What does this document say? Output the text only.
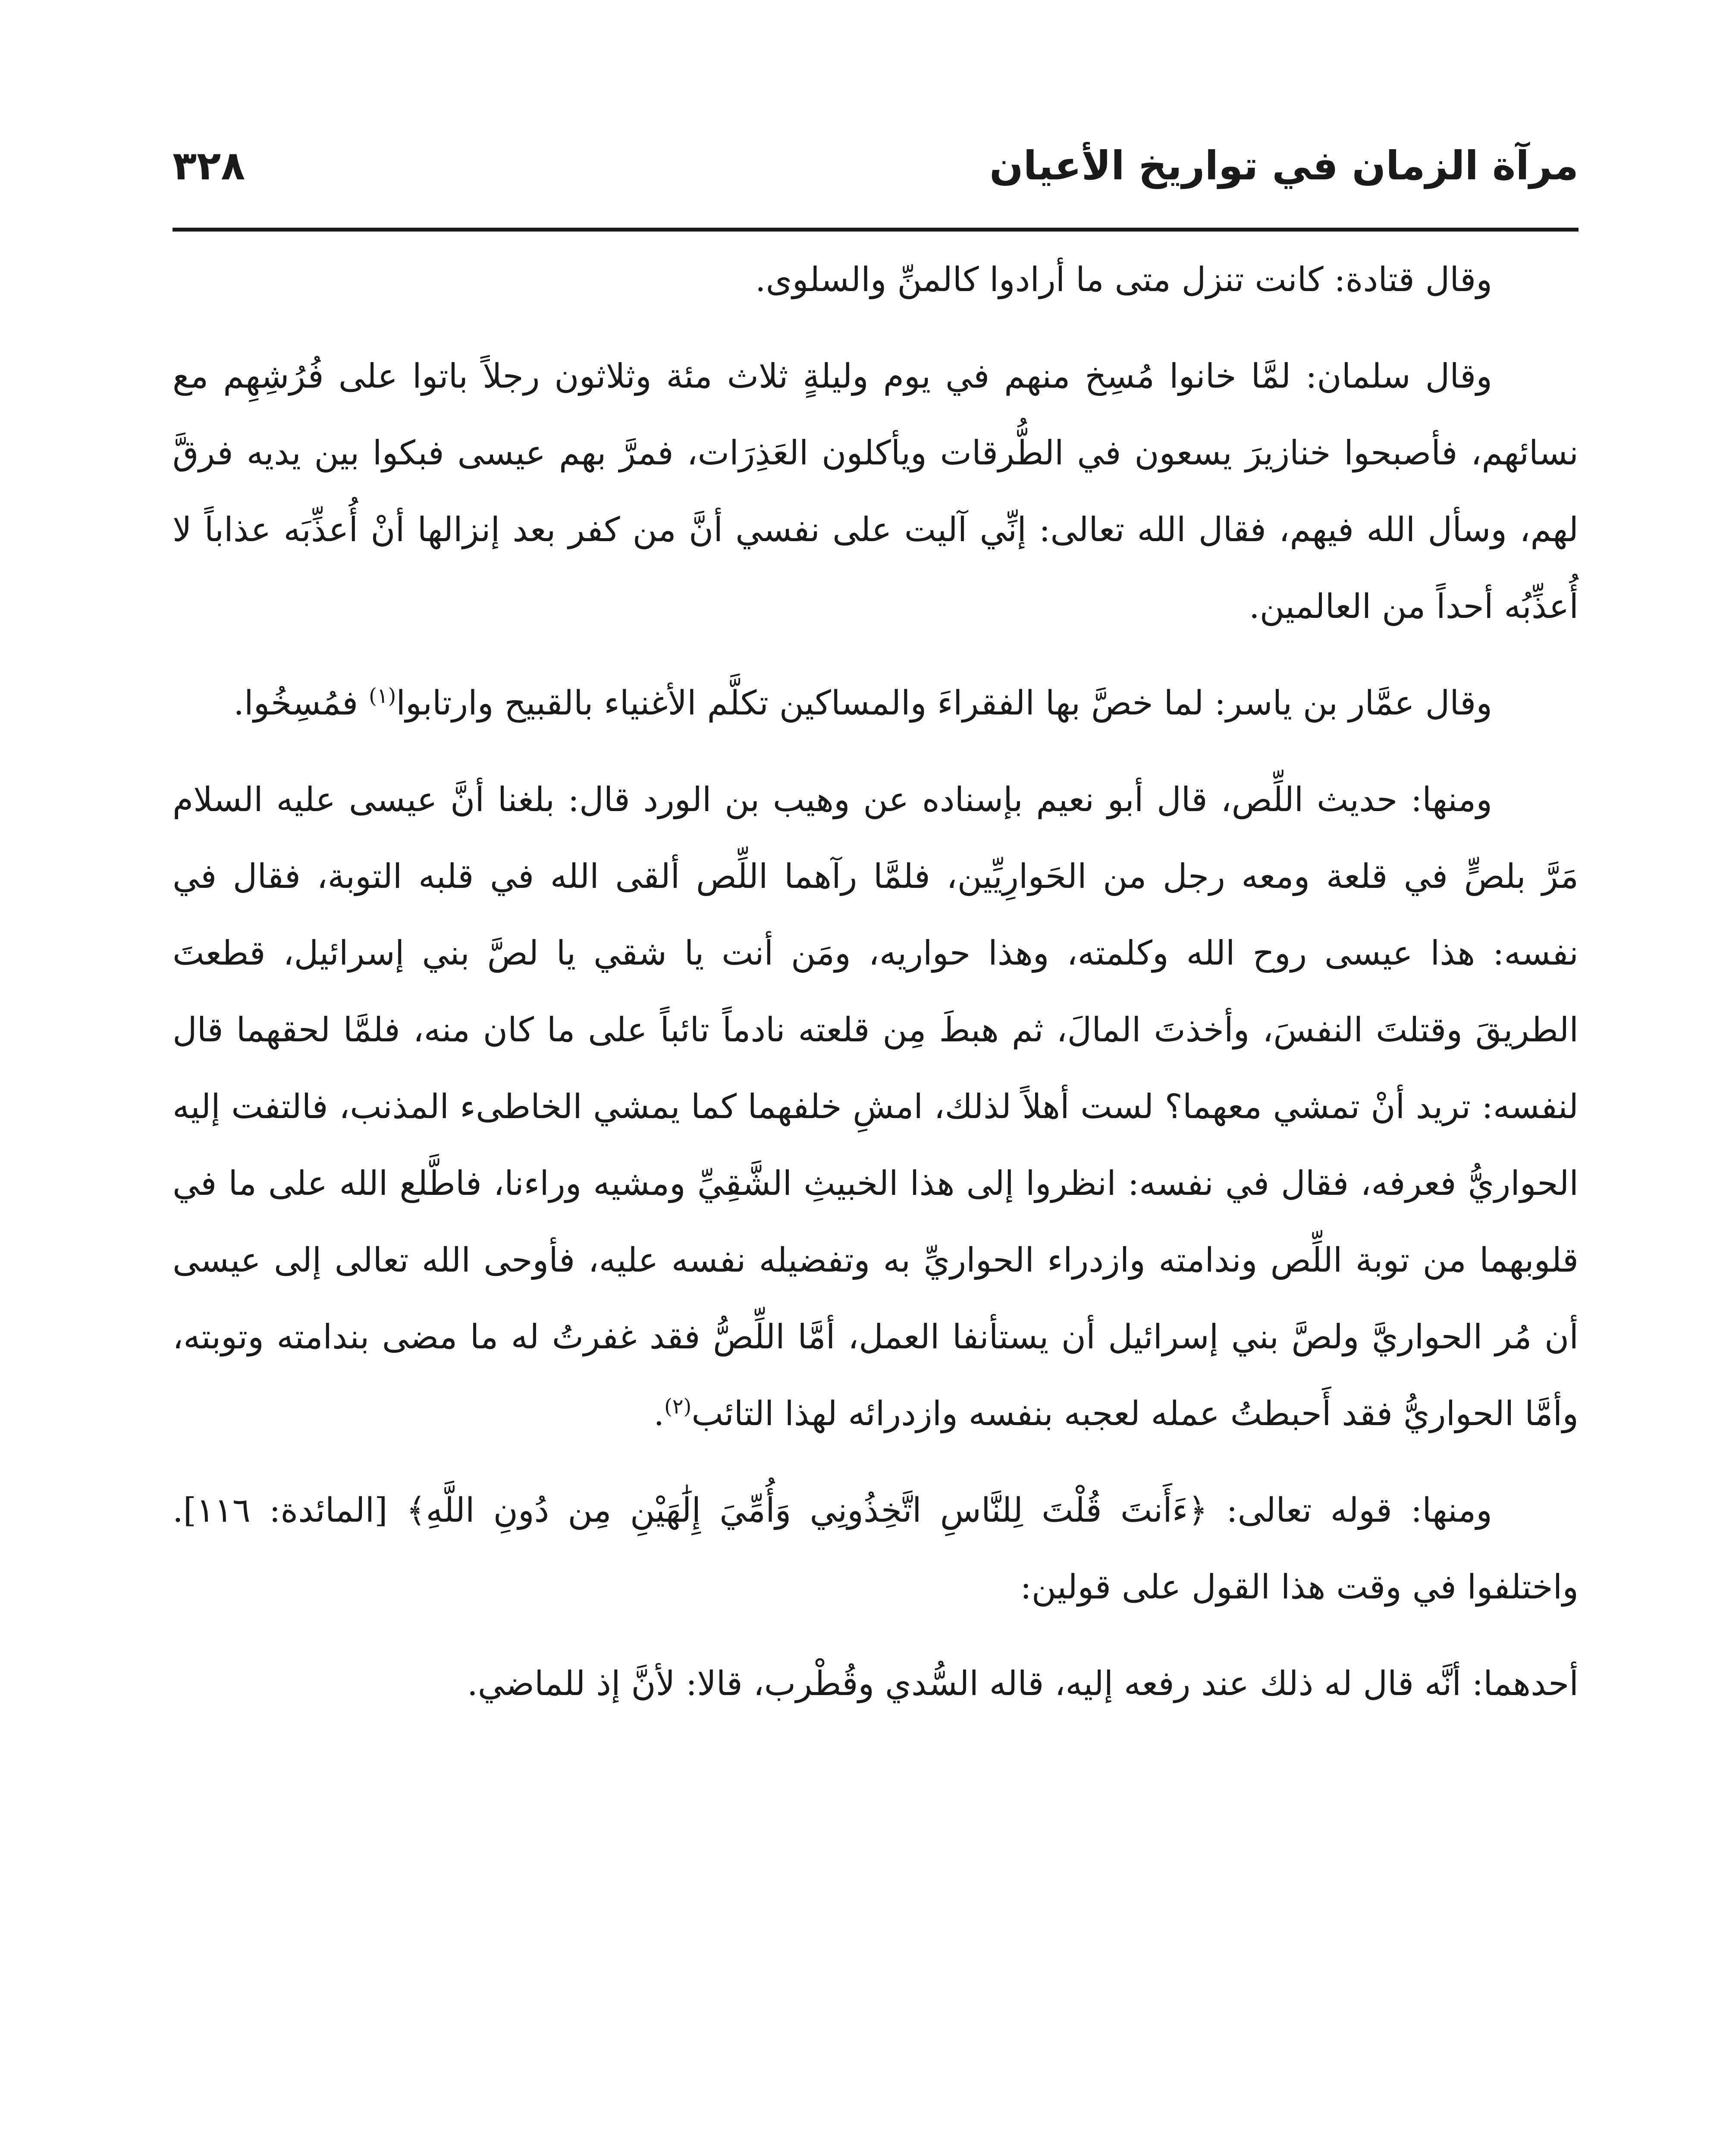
مرآة الزمان في تواريخ الأعيان
٣٢٨

وقال قتادة: كانت تنزل متى ما أرادوا كالمنِّ والسلوى.

وقال سلمان: لمَّا خانوا مُسِخ منهم في يوم وليلةٍ ثلاث مئة وثلاثون رجلاً باتوا على فُرُشِهِم مع نسائهم، فأصبحوا خنازيرَ يسعون في الطُّرقات ويأكلون العَذِرَات، فمرَّ بهم عيسى فبكوا بين يديه فرقَّ لهم، وسأل الله فيهم، فقال الله تعالى: إنِّي آليت على نفسي أنَّ من كفر بعد إنزالها أنْ أُعذِّبَه عذاباً لا أُعذِّبُه أحداً من العالمين.

وقال عمَّار بن ياسر: لما خصَّ بها الفقراءَ والمساكين تكلَّم الأغنياء بالقبيح وارتابوا$^{(١)}$ فمُسِخُوا.

ومنها: حديث اللِّص، قال أبو نعيم بإسناده عن وهيب بن الورد قال: بلغنا أنَّ عيسى عليه السلام مَرَّ بلصٍّ في قلعة ومعه رجل من الحَوارِيِّين، فلمَّا رآهما اللِّص ألقى الله في قلبه التوبة، فقال في نفسه: هذا عيسى روح الله وكلمته، وهذا حواريه، ومَن أنت يا شقي يا لصَّ بني إسرائيل، قطعتَ الطريقَ وقتلتَ النفسَ، وأخذتَ المالَ، ثم هبطَ مِن قلعته نادماً تائباً على ما كان منه، فلمَّا لحقهما قال لنفسه: تريد أنْ تمشي معهما؟ لست أهلاً لذلك، امشِ خلفهما كما يمشي الخاطىء المذنب، فالتفت إليه الحواريُّ فعرفه، فقال في نفسه: انظروا إلى هذا الخبيثِ الشَّقِيِّ ومشيه وراءنا، فاطَّلع الله على ما في قلوبهما من توبة اللِّص وندامته وازدراء الحواريِّ به وتفضيله نفسه عليه، فأوحى الله تعالى إلى عيسى أن مُر الحواريَّ ولصَّ بني إسرائيل أن يستأنفا العمل، أمَّا اللِّصُّ فقد غفرتُ له ما مضى بندامته وتوبته، وأمَّا الحواريُّ فقد أَحبطتُ عمله لعجبه بنفسه وازدرائه لهذا التائب$^{(٢)}$.

ومنها: قوله تعالى: ﴿ءَأَنتَ قُلْتَ لِلنَّاسِ اتَّخِذُونِي وَأُمِّيَ إِلَٰهَيْنِ مِن دُونِ اللَّهِ﴾ [المائدة: ١١٦]. واختلفوا في وقت هذا القول على قولين:

أحدهما: أنَّه قال له ذلك عند رفعه إليه، قاله السُّدي وقُطْرب، قالا: لأنَّ إذ للماضي.
